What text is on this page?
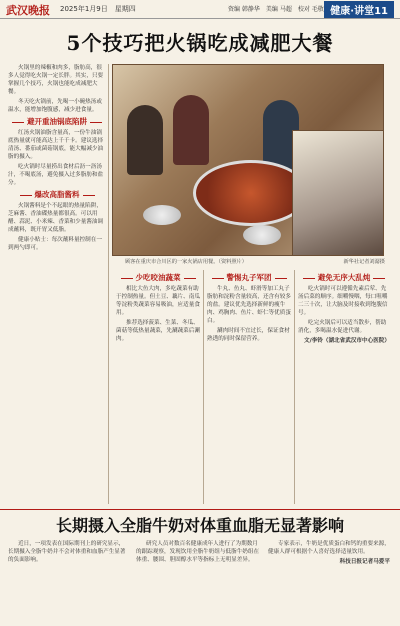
武汉晚报 2025年1月9日　星期四	资编 韩静华　美编 马超　校对 毛敬 健康·讲堂11
5个技巧把火锅吃成减肥大餐

火锅里的辣椒和肉多，脂肪高，很多人觉得吃火锅一定长胖。其实，只要掌握几个技巧，火锅也能吃成减肥大餐。

冬天吃火锅前，先喝一小碗热汤或温水，能增加饱腹感，减少进食量。

避开重油锅底陷阱

红汤火锅油脂含量高，一份牛油锅底热量就可能高达上千千卡。建议选择清汤、番茄或菌菇锅底，能大幅减少油脂的摄入。

吃火锅时尽量捞出食材后沥一沥汤汁，不喝底汤，避免摄入过多脂肪和盐分。

爆改高脂酱料

火锅酱料是个不起眼的热量陷阱，芝麻酱、香油碟热量都很高。可以用醋、蒜泥、小米辣、香菜和少量酱油调成蘸料，既开胃又低脂。

健康小贴士：每次蘸料量控制在一到两勺即可。

顾客在重庆市合川区的一家火锅店用餐。（资料照片）	新华社记者刘潺摄
少吃咬油蔬菜

相比大鱼大肉，多吃蔬菜有助于控制热量。但土豆、藕片、南瓜等淀粉类蔬菜容易吸油，应适量食用。

推荐选择菠菜、生菜、冬瓜、菌菇等低热量蔬菜，先涮蔬菜后涮肉。

警惕丸子军团

牛丸、鱼丸、虾滑等加工丸子脂肪和淀粉含量较高，还含有较多的盐。建议优先选择新鲜的瘦牛肉、鸡胸肉、鱼片、虾仁等优质蛋白。

涮肉时间不宜过长，保证食材熟透的同时保留营养。

避免无序大乱炖

吃火锅时可以遵循先素后荤、先汤后菜的顺序。细嚼慢咽，每口咀嚼二三十次，让大脑及时接收到饱腹信号。

吃完火锅后可以适当散步，帮助消化，多喝温水促进代谢。

文/李铃（湖北省武汉市中心医院）

长期摄入全脂牛奶对体重血脂无显著影响

近日，一项发表在国际期刊上的研究显示，长期摄入全脂牛奶并不会对体重和血脂产生显著的负面影响。

研究人员对数百名健康成年人进行了为期数月的跟踪观察，发现饮用全脂牛奶组与低脂牛奶组在体重、腰围、胆固醇水平等指标上无明显差异。

专家表示，牛奶是优质蛋白和钙的重要来源，健康人群可根据个人喜好选择适量饮用。

科技日报记者马爱平
